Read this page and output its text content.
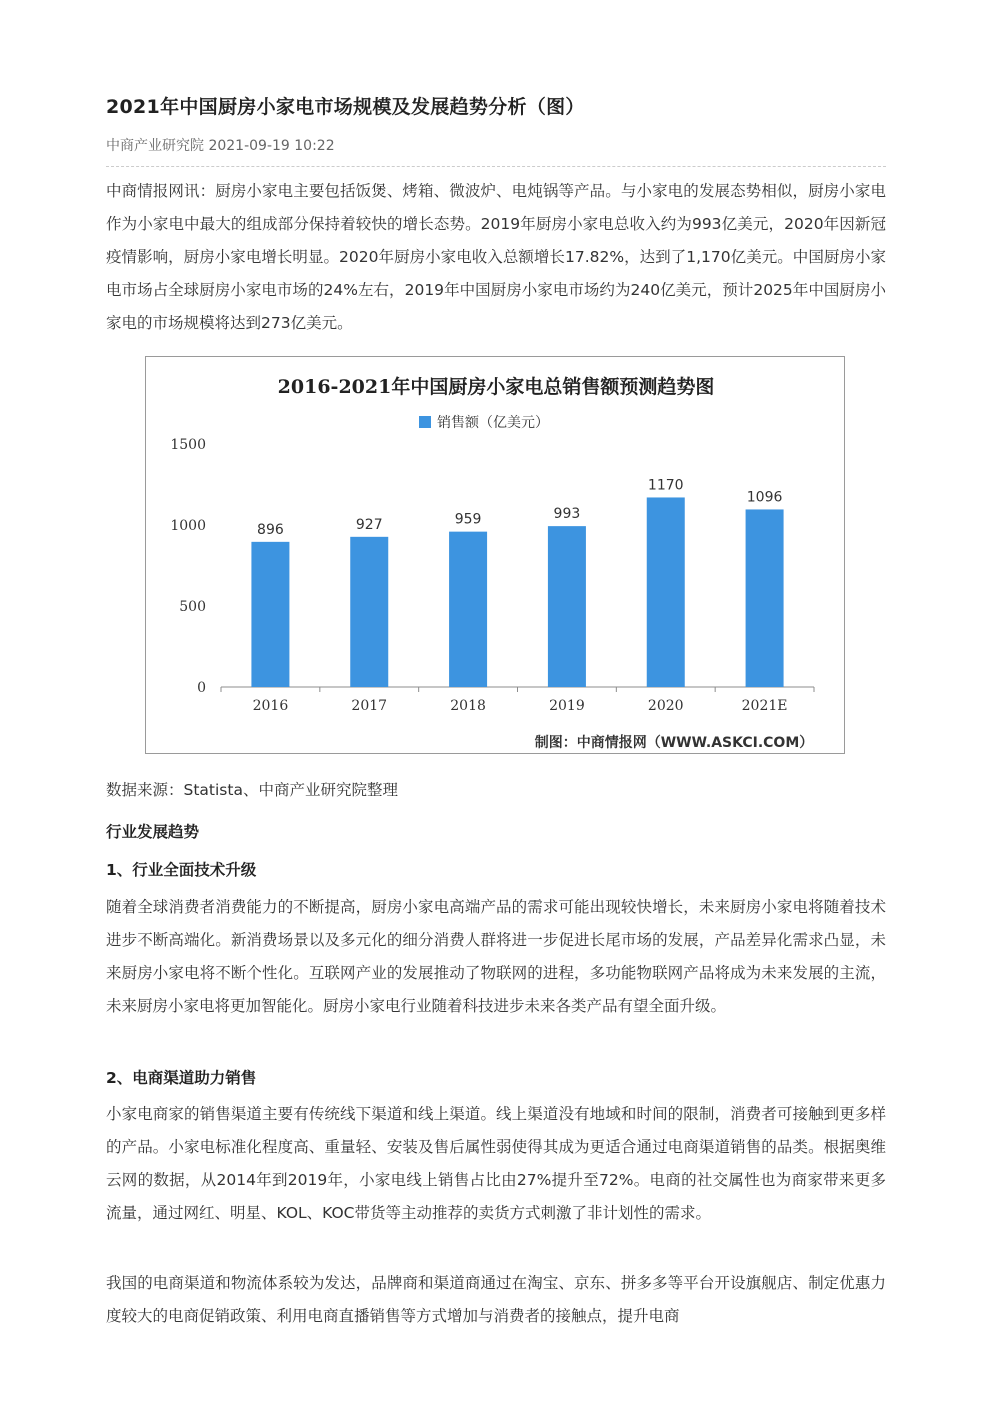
2021年中国厨房小家电市场规模及发展趋势分析（图）
中商产业研究院 2021-09-19 10:22

中商情报网讯：厨房小家电主要包括饭煲、烤箱、微波炉、电炖锅等产品。与小家电的发展态势相似，厨房小家电作为小家电中最大的组成部分保持着较快的增长态势。2019年厨房小家电总收入约为993亿美元，2020年因新冠疫情影响，厨房小家电增长明显。2020年厨房小家电收入总额增长17.82%，达到了1,170亿美元。中国厨房小家电市场占全球厨房小家电市场的24%左右，2019年中国厨房小家电市场约为240亿美元，预计2025年中国厨房小家电的市场规模将达到273亿美元。

2016-2021年中国厨房小家电总销售额预测趋势图
销售额（亿美元）
0
500
1000
1500
2016	2017	2018	2019	2020	2021E
896	927	959	993
1170
1096
制图：中商情报网（WWW.ASKCI.COM）
数据来源：Statista、中商产业研究院整理
行业发展趋势
1、行业全面技术升级

随着全球消费者消费能力的不断提高，厨房小家电高端产品的需求可能出现较快增长，未来厨房小家电将随着技术进步不断高端化。新消费场景以及多元化的细分消费人群将进一步促进长尾市场的发展，产品差异化需求凸显，未来厨房小家电将不断个性化。互联网产业的发展推动了物联网的进程，多功能物联网产品将成为未来发展的主流，未来厨房小家电将更加智能化。厨房小家电行业随着科技进步未来各类产品有望全面升级。

2、电商渠道助力销售

小家电商家的销售渠道主要有传统线下渠道和线上渠道。线上渠道没有地域和时间的限制，消费者可接触到更多样的产品。小家电标准化程度高、重量轻、安装及售后属性弱使得其成为更适合通过电商渠道销售的品类。根据奥维云网的数据，从2014年到2019年，小家电线上销售占比由27%提升至72%。电商的社交属性也为商家带来更多流量，通过网红、明星、KOL、KOC带货等主动推荐的卖货方式刺激了非计划性的需求。

我国的电商渠道和物流体系较为发达，品牌商和渠道商通过在淘宝、京东、拼多多等平台开设旗舰店、制定优惠力度较大的电商促销政策、利用电商直播销售等方式增加与消费者的接触点，提升电商
